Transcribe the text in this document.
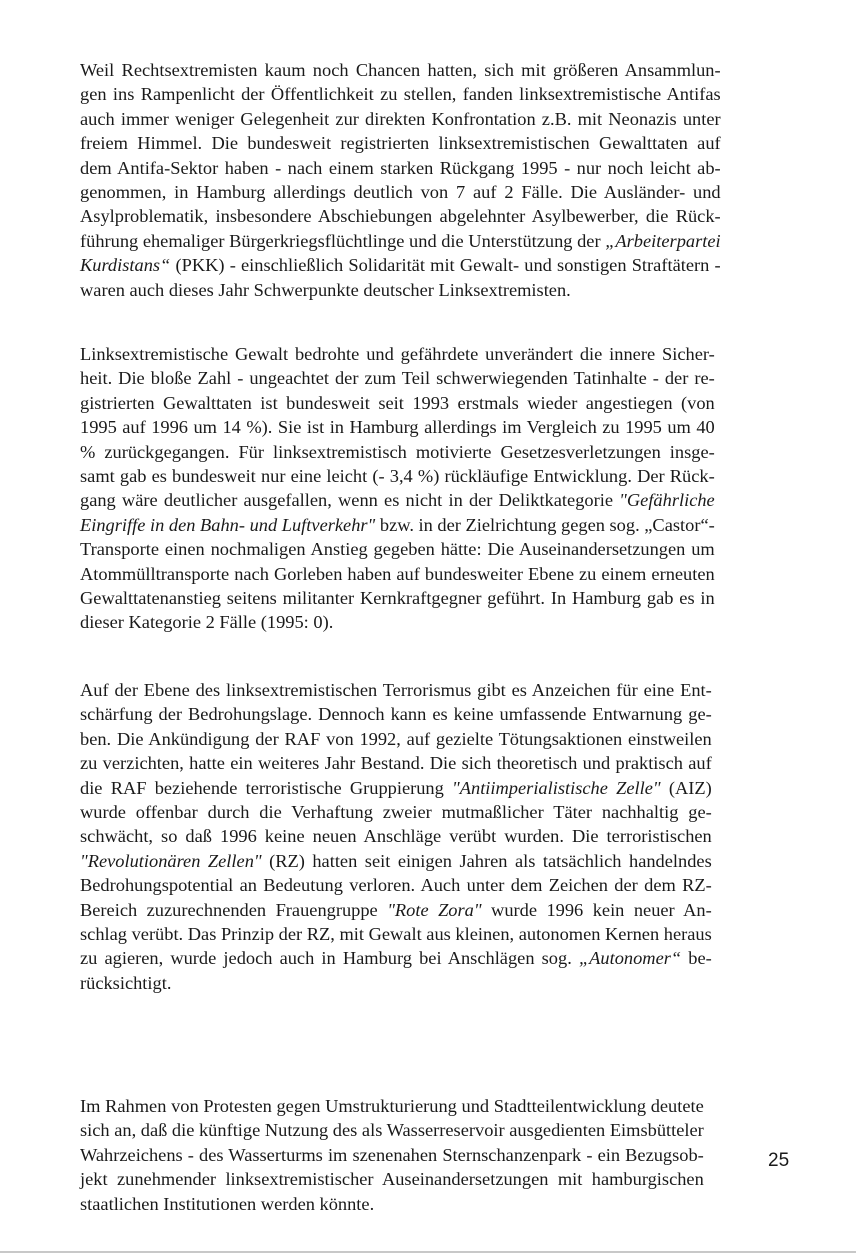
Weil Rechtsextremisten kaum noch Chancen hatten, sich mit größeren Ansammlun-
gen ins Rampenlicht der Öffentlichkeit zu stellen, fanden linksextremistische Antifas
auch immer weniger Gelegenheit zur direkten Konfrontation z.B. mit Neonazis unter
freiem Himmel. Die bundesweit registrierten linksextremistischen Gewalttaten auf
dem Antifa-Sektor haben - nach einem starken Rückgang 1995 - nur noch leicht ab-
genommen, in Hamburg allerdings deutlich von 7 auf 2 Fälle. Die Ausländer- und
Asylproblematik, insbesondere Abschiebungen abgelehnter Asylbewerber, die Rück-
führung ehemaliger Bürgerkriegsflüchtlinge und die Unterstützung der „Arbeiterpartei
Kurdistans“ (PKK) - einschließlich Solidarität mit Gewalt- und sonstigen Straftätern -
waren auch dieses Jahr Schwerpunkte deutscher Linksextremisten.
Linksextremistische Gewalt bedrohte und gefährdete unverändert die innere Sicher-
heit. Die bloße Zahl - ungeachtet der zum Teil schwerwiegenden Tatinhalte - der re-
gistrierten Gewalttaten ist bundesweit seit 1993 erstmals wieder angestiegen (von
1995 auf 1996 um 14 %). Sie ist in Hamburg allerdings im Vergleich zu 1995 um 40
% zurückgegangen. Für linksextremistisch motivierte Gesetzesverletzungen insge-
samt gab es bundesweit nur eine leicht (- 3,4 %) rückläufige Entwicklung. Der Rück-
gang wäre deutlicher ausgefallen, wenn es nicht in der Deliktkategorie "Gefährliche
Eingriffe in den Bahn- und Luftverkehr" bzw. in der Zielrichtung gegen sog. „Castor“-
Transporte einen nochmaligen Anstieg gegeben hätte: Die Auseinandersetzungen um
Atommülltransporte nach Gorleben haben auf bundesweiter Ebene zu einem erneuten
Gewalttatenanstieg seitens militanter Kernkraftgegner geführt. In Hamburg gab es in
dieser Kategorie 2 Fälle (1995: 0).
Auf der Ebene des linksextremistischen Terrorismus gibt es Anzeichen für eine Ent-
schärfung der Bedrohungslage. Dennoch kann es keine umfassende Entwarnung ge-
ben. Die Ankündigung der RAF von 1992, auf gezielte Tötungsaktionen einstweilen
zu verzichten, hatte ein weiteres Jahr Bestand. Die sich theoretisch und praktisch auf
die RAF beziehende terroristische Gruppierung "Antiimperialistische Zelle" (AIZ)
wurde offenbar durch die Verhaftung zweier mutmaßlicher Täter nachhaltig ge-
schwächt, so daß 1996 keine neuen Anschläge verübt wurden. Die terroristischen
"Revolutionären Zellen" (RZ) hatten seit einigen Jahren als tatsächlich handelndes
Bedrohungspotential an Bedeutung verloren. Auch unter dem Zeichen der dem RZ-
Bereich zuzurechnenden Frauengruppe "Rote Zora" wurde 1996 kein neuer An-
schlag verübt. Das Prinzip der RZ, mit Gewalt aus kleinen, autonomen Kernen heraus
zu agieren, wurde jedoch auch in Hamburg bei Anschlägen sog. „Autonomer“ be-
rücksichtigt.
Im Rahmen von Protesten gegen Umstrukturierung und Stadtteilentwicklung deutete
sich an, daß die künftige Nutzung des als Wasserreservoir ausgedienten Eimsbütteler
Wahrzeichens - des Wasserturms im szenenahen Sternschanzenpark - ein Bezugsob-
jekt zunehmender linksextremistischer Auseinandersetzungen mit hamburgischen
staatlichen Institutionen werden könnte.
25
